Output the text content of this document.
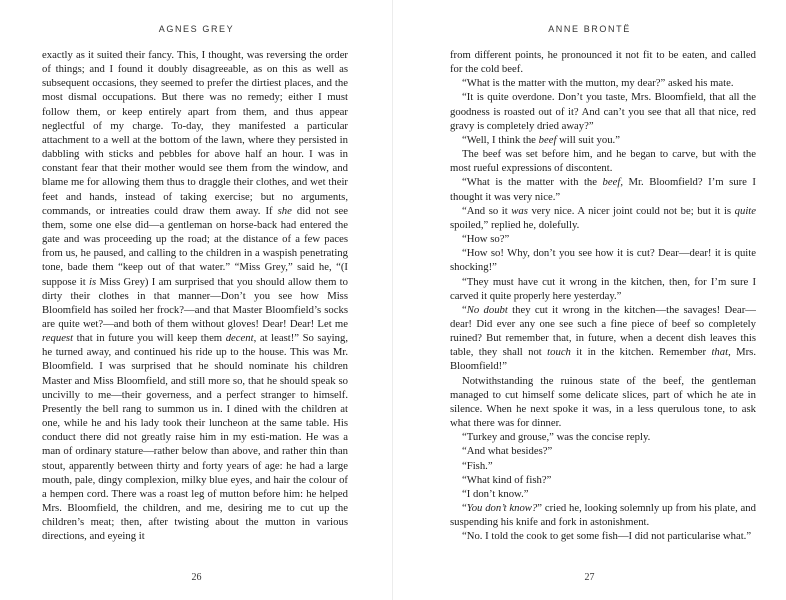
AGNES GREY

exactly as it suited their fancy. This, I thought, was reversing the order of things; and I found it doubly disagreeable, as on this as well as subsequent occasions, they seemed to prefer the dirtiest places, and the most dismal occupations. But there was no remedy; either I must follow them, or keep entirely apart from them, and thus appear neglectful of my charge. To-day, they manifested a particular attachment to a well at the bottom of the lawn, where they persisted in dabbling with sticks and pebbles for above half an hour. I was in constant fear that their mother would see them from the window, and blame me for allowing them thus to draggle their clothes, and wet their feet and hands, instead of taking exercise; but no arguments, commands, or intreaties could draw them away. If she did not see them, some one else did—a gentleman on horse-back had entered the gate and was proceeding up the road; at the distance of a few paces from us, he paused, and calling to the children in a waspish penetrating tone, bade them “keep out of that water.” “Miss Grey,” said he, “(I suppose it is Miss Grey) I am surprised that you should allow them to dirty their clothes in that manner—Don’t you see how Miss Bloomfield has soiled her frock?—and that Master Bloomfield’s socks are quite wet?—and both of them without gloves! Dear! Dear! Let me request that in future you will keep them decent, at least!” So saying, he turned away, and continued his ride up to the house. This was Mr. Bloomfield. I was surprised that he should nominate his children Master and Miss Bloomfield, and still more so, that he should speak so uncivilly to me—their governess, and a perfect stranger to himself. Presently the bell rang to summon us in. I dined with the children at one, while he and his lady took their luncheon at the same table. His conduct there did not greatly raise him in my esti-mation. He was a man of ordinary stature—rather below than above, and rather thin than stout, apparently between thirty and forty years of age: he had a large mouth, pale, dingy complexion, milky blue eyes, and hair the colour of a hempen cord. There was a roast leg of mutton before him: he helped Mrs. Bloomfield, the children, and me, desiring me to cut up the children’s meat; then, after twisting about the mutton in various directions, and eyeing it

26
ANNE BRONTË

from different points, he pronounced it not fit to be eaten, and called for the cold beef.

“What is the matter with the mutton, my dear?” asked his mate.

“It is quite overdone. Don’t you taste, Mrs. Bloomfield, that all the goodness is roasted out of it? And can’t you see that all that nice, red gravy is completely dried away?”

“Well, I think the beef will suit you.”

The beef was set before him, and he began to carve, but with the most rueful expressions of discontent.

“What is the matter with the beef, Mr. Bloomfield? I’m sure I thought it was very nice.”

“And so it was very nice. A nicer joint could not be; but it is quite spoiled,” replied he, dolefully.

“How so?”

“How so! Why, don’t you see how it is cut? Dear—dear! it is quite shocking!”

“They must have cut it wrong in the kitchen, then, for I’m sure I carved it quite properly here yesterday.”

“No doubt they cut it wrong in the kitchen—the savages! Dear—dear! Did ever any one see such a fine piece of beef so completely ruined? But remember that, in future, when a decent dish leaves this table, they shall not touch it in the kitchen. Remember that, Mrs. Bloomfield!”

Notwithstanding the ruinous state of the beef, the gentleman managed to cut himself some delicate slices, part of which he ate in silence. When he next spoke it was, in a less querulous tone, to ask what there was for dinner.

“Turkey and grouse,” was the concise reply.

“And what besides?”

“Fish.”

“What kind of fish?”

“I don’t know.”

“You don’t know?” cried he, looking solemnly up from his plate, and suspending his knife and fork in astonishment.

“No. I told the cook to get some fish—I did not particularise what.”

27
